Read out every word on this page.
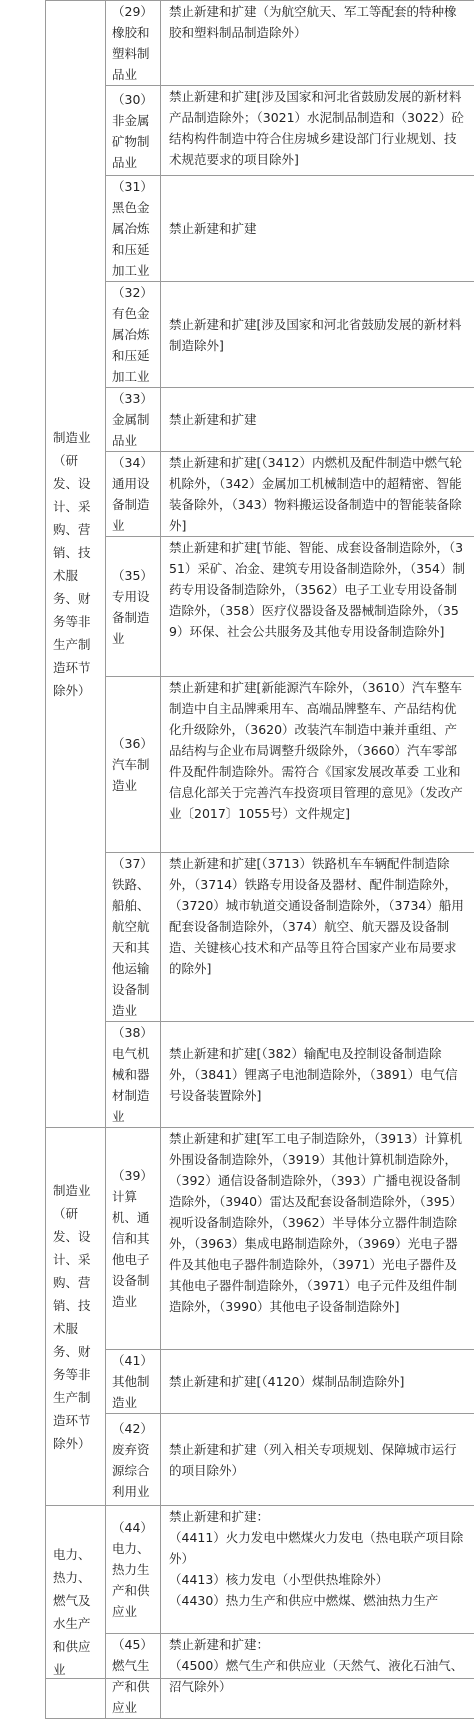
制造业（研发、设计、采购、营销、技术服务、财务等非生产制造环节除外）	（29）橡胶和塑料制品业	禁止新建和扩建（为航空航天、军工等配套的特种橡胶和塑料制品制造除外）
	（30）非金属矿物制品业	禁止新建和扩建[涉及国家和河北省鼓励发展的新材料产品制造除外；（3021）水泥制品制造和（3022）砼结构构件制造中符合住房城乡建设部门行业规划、技术规范要求的项目除外]
	（31）黑色金属冶炼和压延加工业	禁止新建和扩建
	（32）有色金属冶炼和压延加工业	禁止新建和扩建[涉及国家和河北省鼓励发展的新材料制造除外]
	（33）金属制品业	禁止新建和扩建
	（34）通用设备制造业	禁止新建和扩建[（3412）内燃机及配件制造中燃气轮机除外，（342）金属加工机械制造中的超精密、智能装备除外，（343）物料搬运设备制造中的智能装备除外]
	（35）专用设备制造业	禁止新建和扩建[节能、智能、成套设备制造除外，（351）采矿、冶金、建筑专用设备制造除外，（354）制药专用设备制造除外，（3562）电子工业专用设备制造除外，（358）医疗仪器设备及器械制造除外，（359）环保、社会公共服务及其他专用设备制造除外]
	（36）汽车制造业	禁止新建和扩建[新能源汽车除外，（3610）汽车整车制造中自主品牌乘用车、高端品牌整车、产品结构优化升级除外，（3620）改装汽车制造中兼并重组、产品结构与企业布局调整升级除外，（3660）汽车零部件及配件制造除外。需符合《国家发展改革委 工业和信息化部关于完善汽车投资项目管理的意见》（发改产业〔2017〕1055号）文件规定]
	（37）铁路、船舶、航空航天和其他运输设备制造业	禁止新建和扩建[（3713）铁路机车车辆配件制造除外，（3714）铁路专用设备及器材、配件制造除外，（3720）城市轨道交通设备制造除外，（3734）船用配套设备制造除外，（374）航空、航天器及设备制造、关键核心技术和产品等且符合国家产业布局要求的除外]
	（38）电气机械和器材制造业	禁止新建和扩建[（382）输配电及控制设备制造除外，（3841）锂离子电池制造除外，（3891）电气信号设备装置除外]
制造业（研发、设计、采购、营销、技术服务、财务等非生产制造环节除外）	（39）计算机、通信和其他电子设备制造业	禁止新建和扩建[军工电子制造除外，（3913）计算机外围设备制造除外，（3919）其他计算机制造除外，（392）通信设备制造除外，（393）广播电视设备制造除外，（3940）雷达及配套设备制造除外，（395）视听设备制造除外，（3962）半导体分立器件制造除外，（3963）集成电路制造除外，（3969）光电子器件及其他电子器件制造除外，（3971）光电子器件及其他电子器件制造除外，（3971）电子元件及组件制造除外，（3990）其他电子设备制造除外]
	（41）其他制造业	禁止新建和扩建[（4120）煤制品制造除外]
	（42）废弃资源综合利用业	禁止新建和扩建（列入相关专项规划、保障城市运行的项目除外）
电力、热力、燃气及水生产和供应业	（44）电力、热力生产和供应业	禁止新建和扩建：
（4411）火力发电中燃煤火力发电（热电联产项目除外）
（4413）核力发电（小型供热堆除外）
（4430）热力生产和供应中燃煤、燃油热力生产

	（45）燃气生产和供应业	禁止新建和扩建：
（4500）燃气生产和供应业（天然气、液化石油气、沼气除外）
